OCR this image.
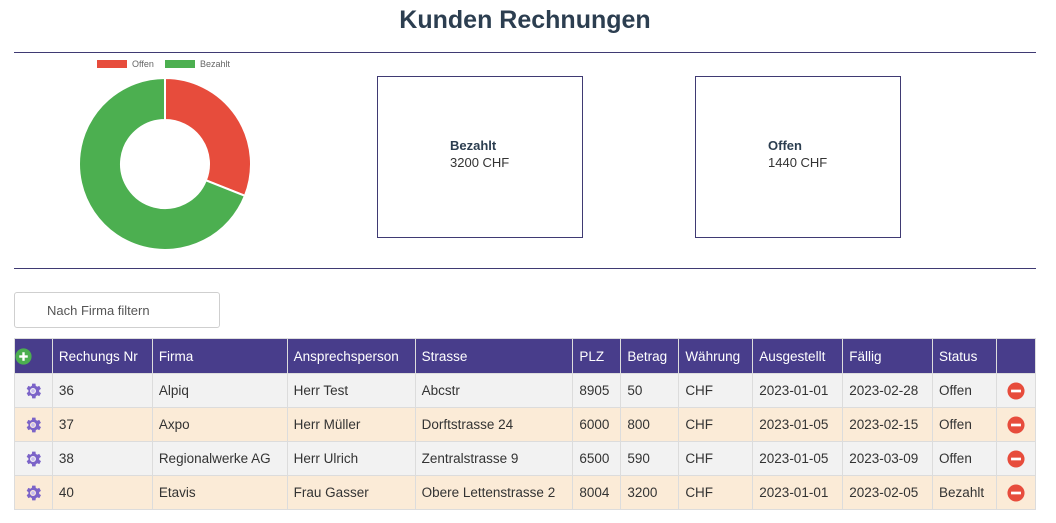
Kunden Rechnungen
Offen	Bezahlt
Bezahlt
3200 CHF
Offen
1440 CHF
Nach Firma filtern
	Rechungs Nr	Firma	Ansprechsperson	Strasse	PLZ	Betrag	Währung	Ausgestellt	Fällig	Status	
	36	Alpiq	Herr Test	Abcstr	8905	50	CHF	2023-01-01	2023-02-28	Offen	
	37	Axpo	Herr Müller	Dorftstrasse 24	6000	800	CHF	2023-01-05	2023-02-15	Offen	
	38	Regionalwerke AG	Herr Ulrich	Zentralstrasse 9	6500	590	CHF	2023-01-05	2023-03-09	Offen	
	40	Etavis	Frau Gasser	Obere Lettenstrasse 2	8004	3200	CHF	2023-01-01	2023-02-05	Bezahlt	
